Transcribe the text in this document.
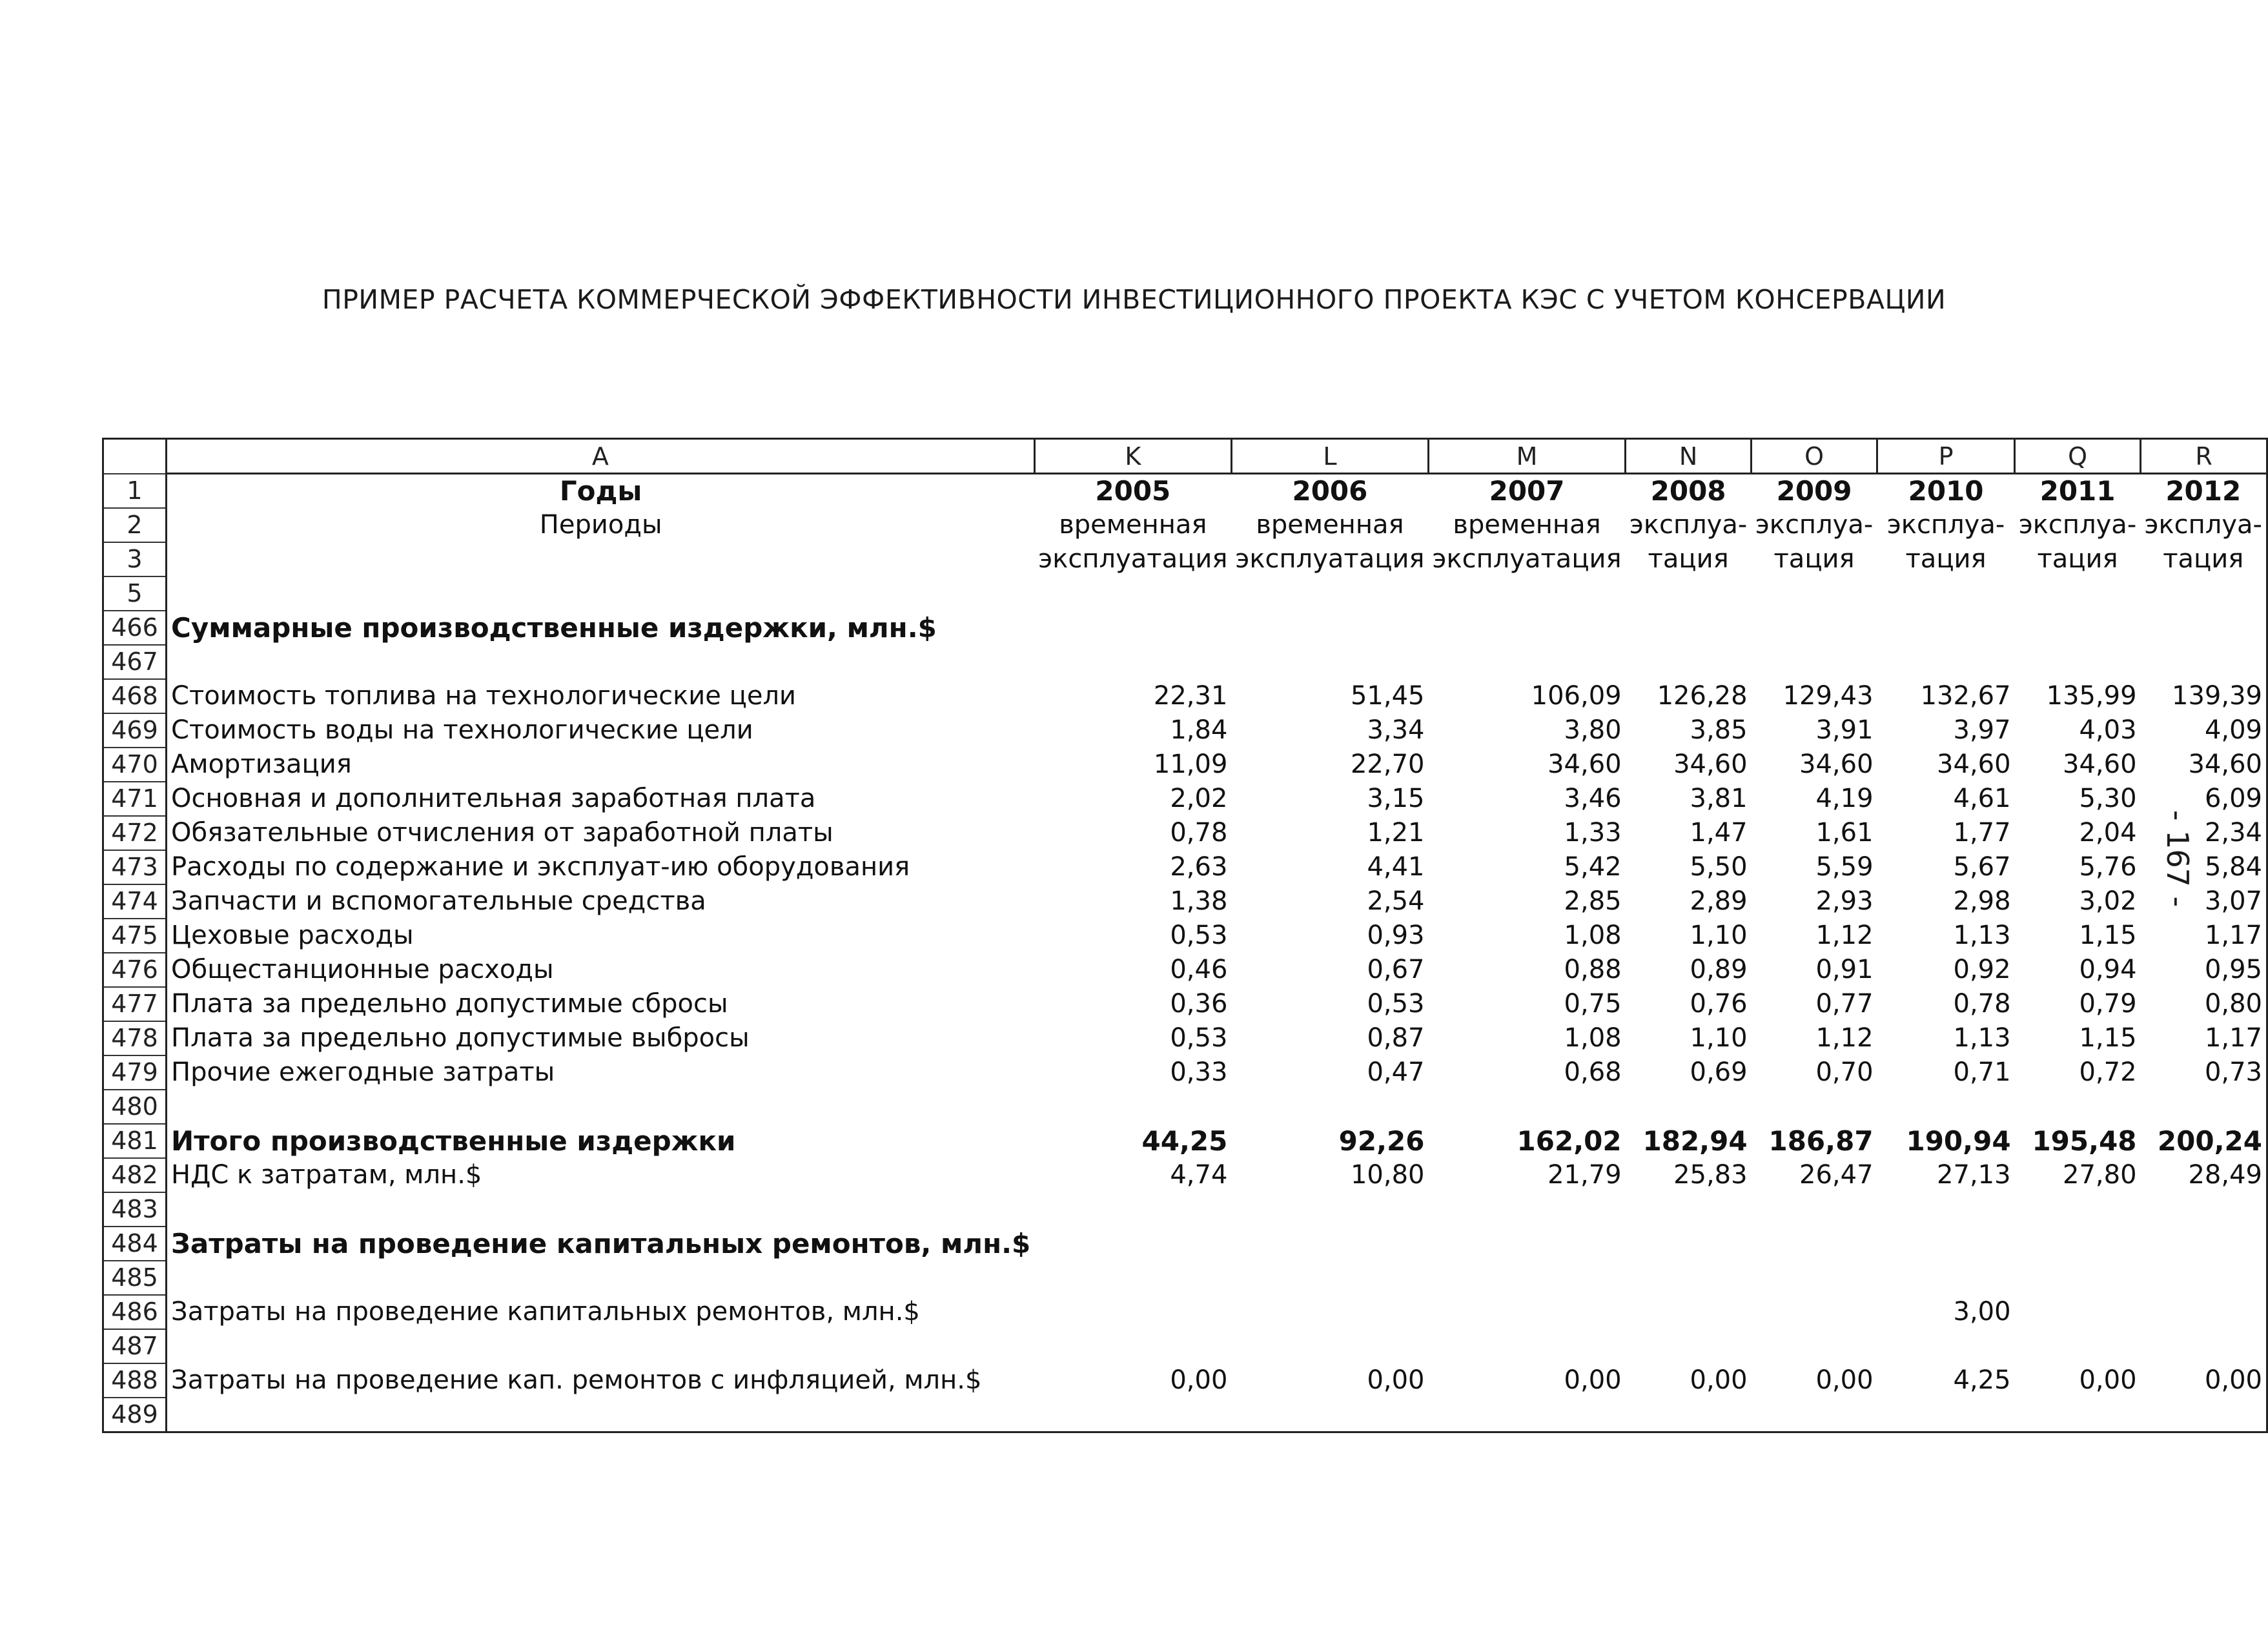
ПРИМЕР РАСЧЕТА КОММЕРЧЕСКОЙ ЭФФЕКТИВНОСТИ ИНВЕСТИЦИОННОГО ПРОЕКТА КЭС С УЧЕТОМ КОНСЕРВАЦИИ
- 167 -
	A	K	L	M	N	O	P	Q	R
1	Годы	2005	2006	2007	2008	2009	2010	2011	2012
2	Периоды	временная	временная	временная	эксплуа-	эксплуа-	эксплуа-	эксплуа-	эксплуа-
3		эксплуатация	эксплуатация	эксплуатация	тация	тация	тация	тация	тация
5									
466	Суммарные производственные издержки, млн.$								
467									
468	Стоимость топлива на технологические цели	22,31	51,45	106,09	126,28	129,43	132,67	135,99	139,39
469	Стоимость воды на технологические цели	1,84	3,34	3,80	3,85	3,91	3,97	4,03	4,09
470	Амортизация	11,09	22,70	34,60	34,60	34,60	34,60	34,60	34,60
471	Основная и дополнительная заработная плата	2,02	3,15	3,46	3,81	4,19	4,61	5,30	6,09
472	Обязательные отчисления от заработной платы	0,78	1,21	1,33	1,47	1,61	1,77	2,04	2,34
473	Расходы по содержание и эксплуат-ию оборудования	2,63	4,41	5,42	5,50	5,59	5,67	5,76	5,84
474	Запчасти и вспомогательные средства	1,38	2,54	2,85	2,89	2,93	2,98	3,02	3,07
475	Цеховые расходы	0,53	0,93	1,08	1,10	1,12	1,13	1,15	1,17
476	Общестанционные расходы	0,46	0,67	0,88	0,89	0,91	0,92	0,94	0,95
477	Плата за предельно допустимые сбросы	0,36	0,53	0,75	0,76	0,77	0,78	0,79	0,80
478	Плата за предельно допустимые выбросы	0,53	0,87	1,08	1,10	1,12	1,13	1,15	1,17
479	Прочие ежегодные затраты	0,33	0,47	0,68	0,69	0,70	0,71	0,72	0,73
480									
481	Итого производственные издержки	44,25	92,26	162,02	182,94	186,87	190,94	195,48	200,24
482	НДС к затратам, млн.$	4,74	10,80	21,79	25,83	26,47	27,13	27,80	28,49
483									
484	Затраты на проведение капитальных ремонтов, млн.$								
485									
486	Затраты на проведение капитальных ремонтов, млн.$						3,00		
487									
488	Затраты на проведение кап. ремонтов с инфляцией, млн.$	0,00	0,00	0,00	0,00	0,00	4,25	0,00	0,00
489									
